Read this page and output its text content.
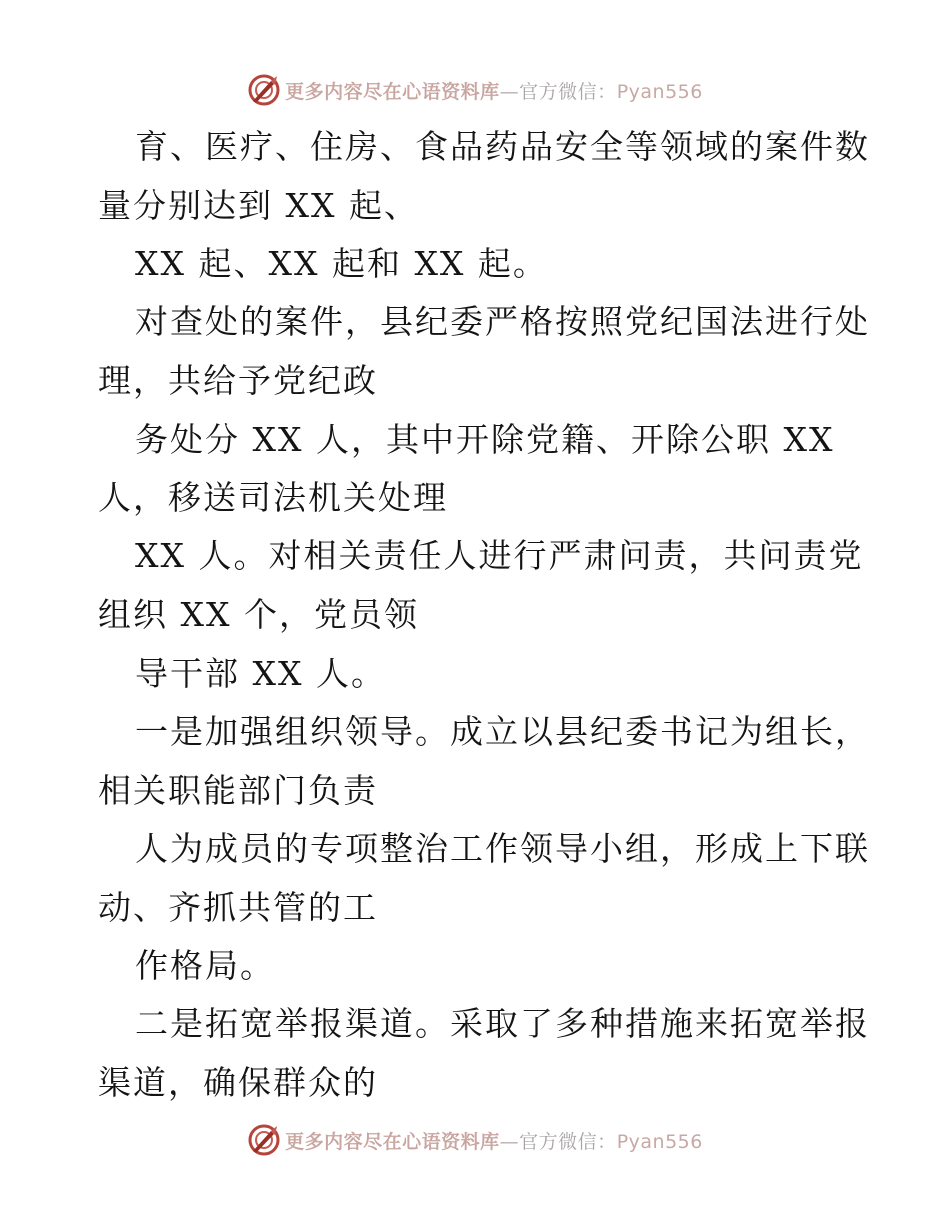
更多内容尽在心语资料库—官方微信：Pyan556
育、医疗、住房、食品药品安全等领域的案件数
量分别达到 XX 起、
XX 起、XX 起和 XX 起。
对查处的案件，县纪委严格按照党纪国法进行处
理，共给予党纪政
务处分 XX 人，其中开除党籍、开除公职 XX
人，移送司法机关处理
XX 人。对相关责任人进行严肃问责，共问责党
组织 XX 个，党员领
导干部 XX 人。
一是加强组织领导。成立以县纪委书记为组长，
相关职能部门负责
人为成员的专项整治工作领导小组，形成上下联
动、齐抓共管的工
作格局。
二是拓宽举报渠道。采取了多种措施来拓宽举报
渠道，确保群众的
更多内容尽在心语资料库—官方微信：Pyan556
